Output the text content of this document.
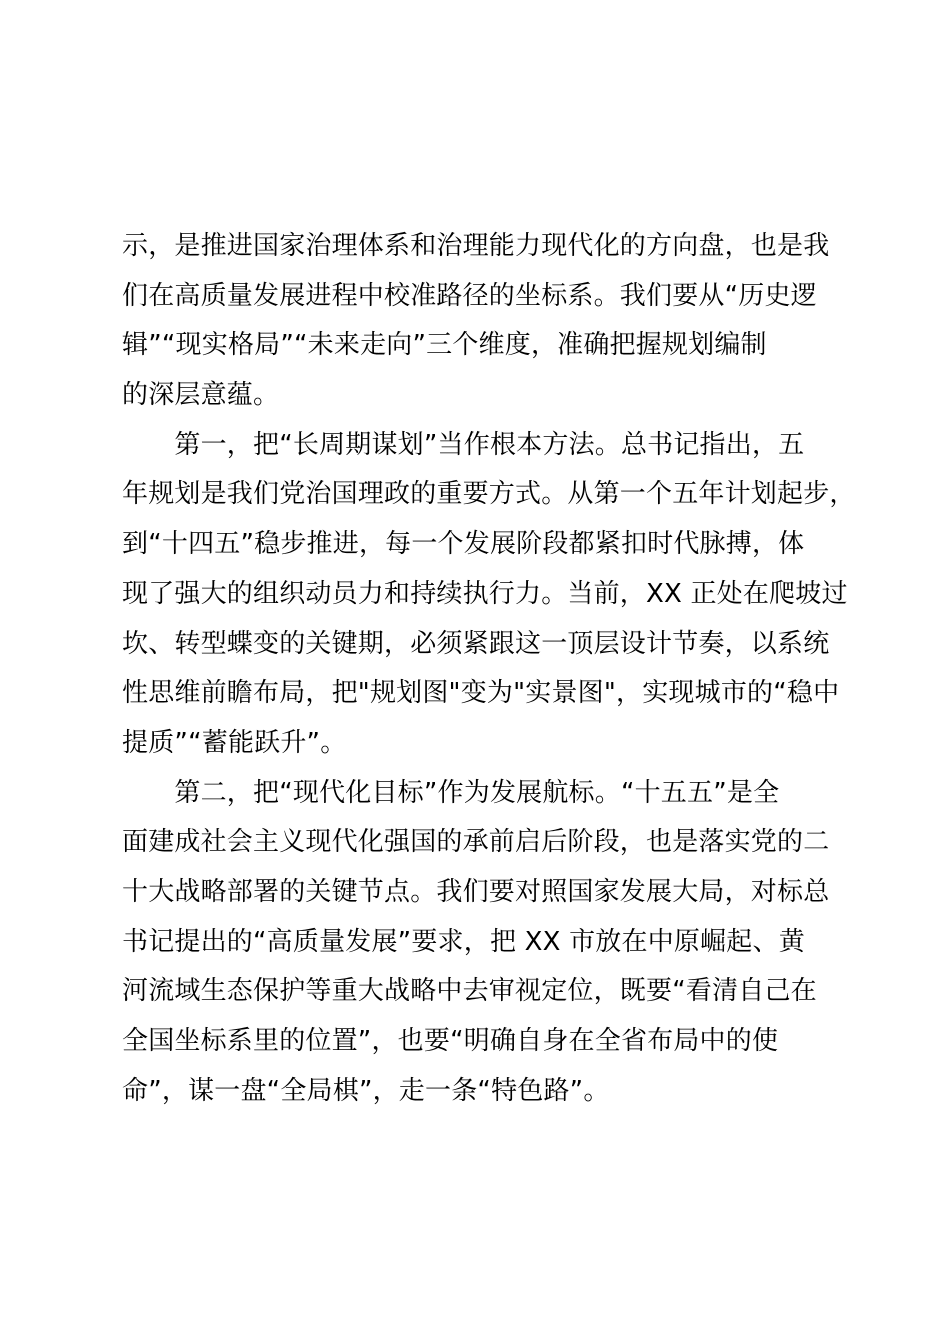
示，是推进国家治理体系和治理能力现代化的方向盘，也是我
们在高质量发展进程中校准路径的坐标系。我们要从“历史逻
辑”“现实格局”“未来走向”三个维度，准确把握规划编制
的深层意蕴。
　　第一，把“长周期谋划”当作根本方法。总书记指出，五
年规划是我们党治国理政的重要方式。从第一个五年计划起步，
到“十四五”稳步推进，每一个发展阶段都紧扣时代脉搏，体
现了强大的组织动员力和持续执行力。当前，XX 正处在爬坡过
坎、转型蝶变的关键期，必须紧跟这一顶层设计节奏，以系统
性思维前瞻布局，把"规划图"变为"实景图"，实现城市的“稳中
提质”“蓄能跃升”。
　　第二，把“现代化目标”作为发展航标。“十五五”是全
面建成社会主义现代化强国的承前启后阶段，也是落实党的二
十大战略部署的关键节点。我们要对照国家发展大局，对标总
书记提出的“高质量发展”要求，把 XX 市放在中原崛起、黄
河流域生态保护等重大战略中去审视定位，既要“看清自己在
全国坐标系里的位置”，也要“明确自身在全省布局中的使
命”，谋一盘“全局棋”，走一条“特色路”。
